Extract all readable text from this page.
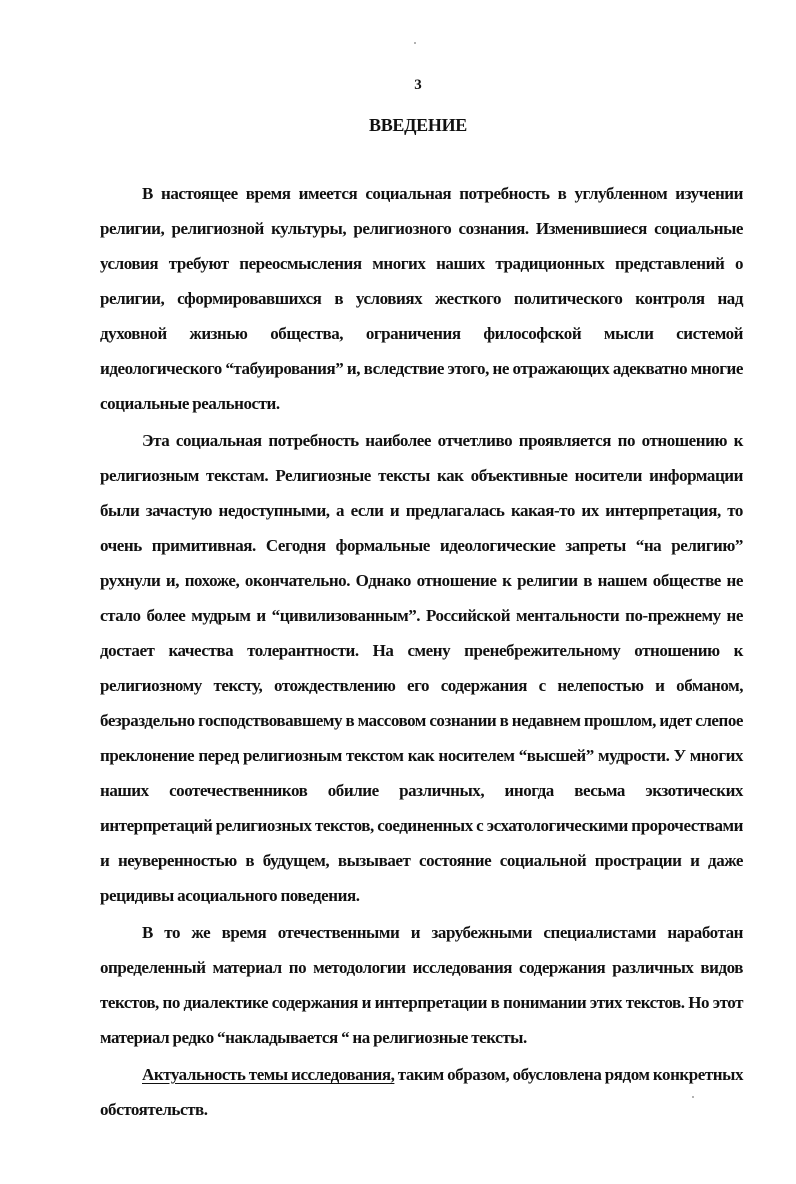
3
ВВЕДЕНИЕ

В настоящее время имеется социальная потребность в углубленном изучении религии, религиозной культуры, религиозного сознания. Изменившиеся социальные условия требуют переосмысления многих наших традиционных представлений о религии, сформировавшихся в условиях жесткого политического контроля над духовной жизнью общества, ограничения философской мысли системой идеологического “табуирования” и, вследствие этого, не отражающих адекватно многие социальные реальности.

Эта социальная потребность наиболее отчетливо проявляется по отношению к религиозным текстам. Религиозные тексты как объективные носители информации были зачастую недоступными, а если и предлагалась какая-то их интерпретация, то очень примитивная. Сегодня формальные идеологические запреты “на религию” рухнули и, похоже, окончательно. Однако отношение к религии в нашем обществе не стало более мудрым и “цивилизованным”. Российской ментальности по-прежнему не достает качества толерантности. На смену пренебрежительному отношению к религиозному тексту, отождествлению его содержания с нелепостью и обманом, безраздельно господствовавшему в массовом сознании в недавнем прошлом, идет слепое преклонение перед религиозным текстом как носителем “высшей” мудрости. У многих наших соотечественников обилие различных, иногда весьма экзотических интерпретаций религиозных текстов, соединенных с эсхатологическими пророчествами и неуверенностью в будущем, вызывает состояние социальной прострации и даже рецидивы асоциального поведения.

В то же время отечественными и зарубежными специалистами наработан определенный материал по методологии исследования содержания различных видов текстов, по диалектике содержания и интерпретации в понимании этих текстов. Но этот материал редко “накладывается “ на религиозные тексты.

Актуальность темы исследования, таким образом, обусловлена рядом конкретных обстоятельств.
